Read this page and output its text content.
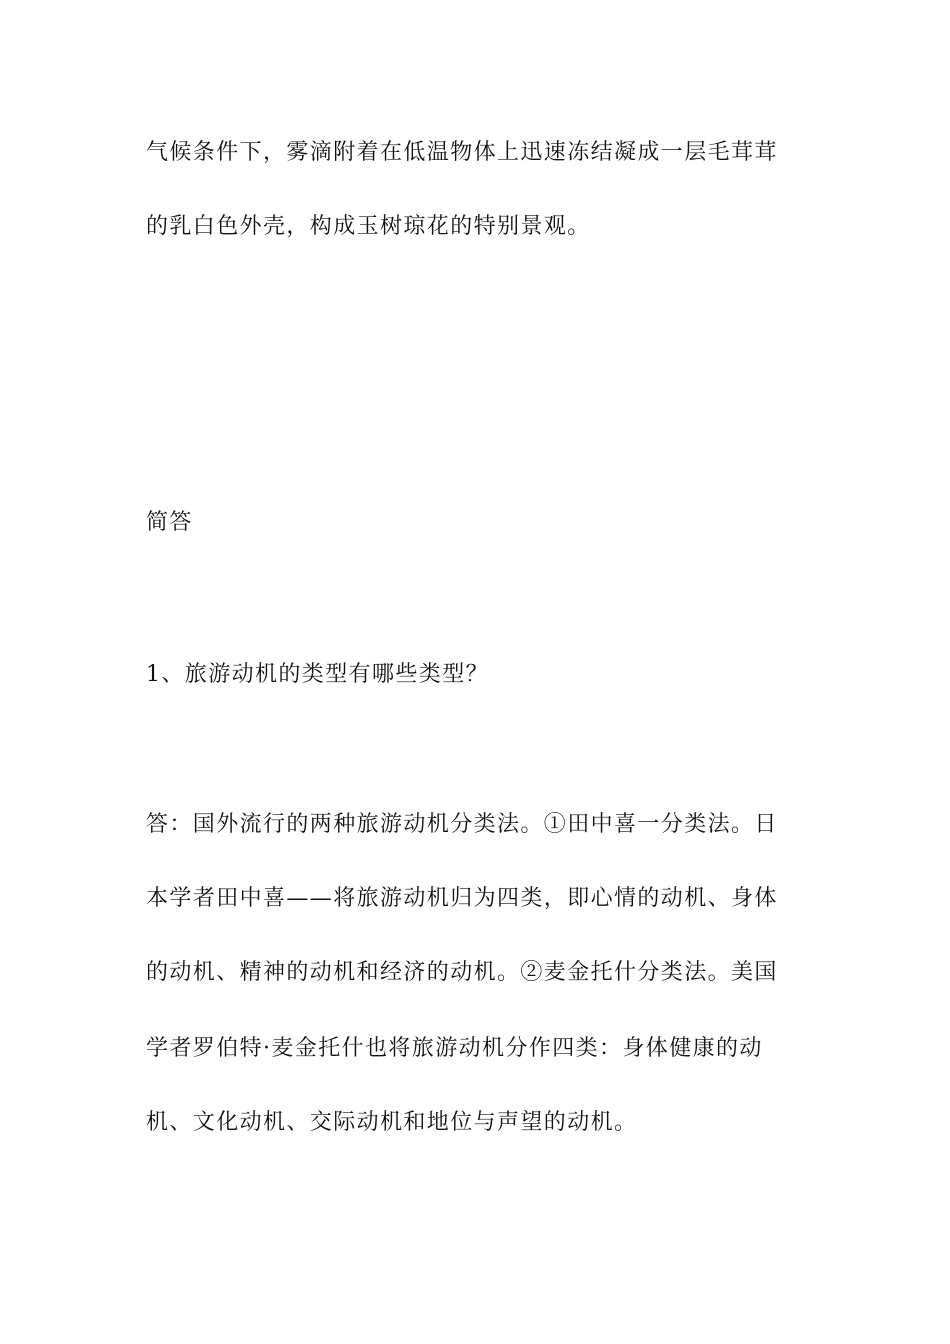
气候条件下，雾滴附着在低温物体上迅速冻结凝成一层毛茸茸
的乳白色外壳，构成玉树琼花的特别景观。
简答
1、旅游动机的类型有哪些类型？
答：国外流行的两种旅游动机分类法。①田中喜一分类法。日
本学者田中喜——将旅游动机归为四类，即心情的动机、身体
的动机、精神的动机和经济的动机。②麦金托什分类法。美国
学者罗伯特·麦金托什也将旅游动机分作四类：身体健康的动
机、文化动机、交际动机和地位与声望的动机。
